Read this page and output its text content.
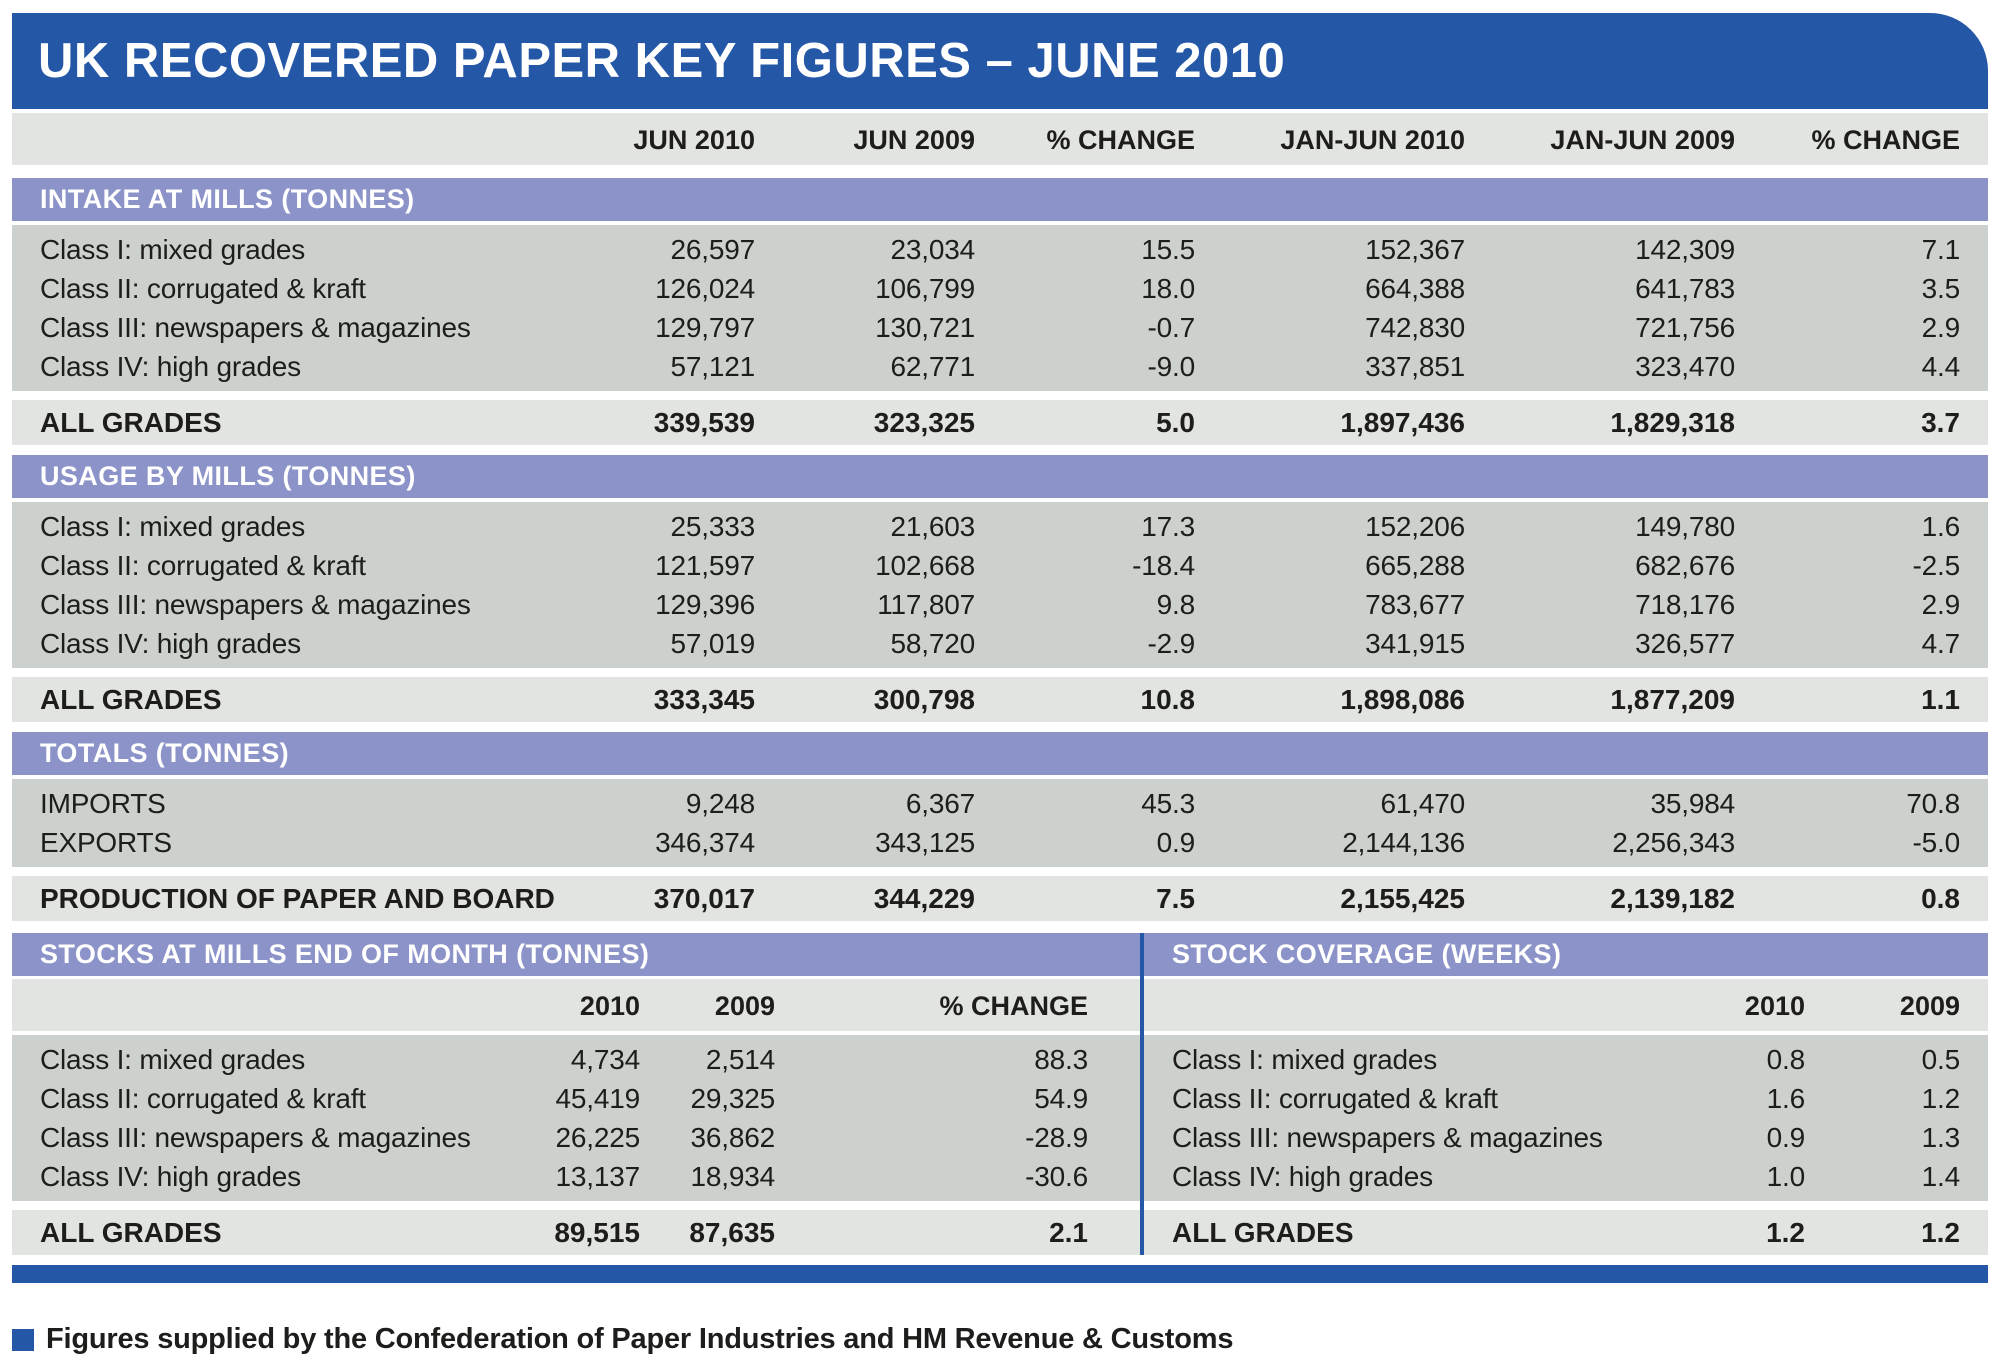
UK RECOVERED PAPER KEY FIGURES – JUNE 2010
JUN 2010	JUN 2009	% CHANGE	JAN-JUN 2010	JAN-JUN 2009	% CHANGE
INTAKE AT MILLS (TONNES)
Class I: mixed grades	26,597	23,034	15.5	152,367	142,309	7.1
Class II: corrugated & kraft	126,024	106,799	18.0	664,388	641,783	3.5
Class III: newspapers & magazines	129,797	130,721	-0.7	742,830	721,756	2.9
Class IV: high grades	57,121	62,771	-9.0	337,851	323,470	4.4
ALL GRADES	339,539	323,325	5.0	1,897,436	1,829,318	3.7
USAGE BY MILLS (TONNES)
Class I: mixed grades	25,333	21,603	17.3	152,206	149,780	1.6
Class II: corrugated & kraft	121,597	102,668	-18.4	665,288	682,676	-2.5
Class III: newspapers & magazines	129,396	117,807	9.8	783,677	718,176	2.9
Class IV: high grades	57,019	58,720	-2.9	341,915	326,577	4.7
ALL GRADES	333,345	300,798	10.8	1,898,086	1,877,209	1.1
TOTALS (TONNES)
IMPORTS	9,248	6,367	45.3	61,470	35,984	70.8
EXPORTS	346,374	343,125	0.9	2,144,136	2,256,343	-5.0
PRODUCTION OF PAPER AND BOARD	370,017	344,229	7.5	2,155,425	2,139,182	0.8
STOCKS AT MILLS END OF MONTH (TONNES)
2010	2009	% CHANGE
Class I: mixed grades	4,734	2,514	88.3
Class II: corrugated & kraft	45,419	29,325	54.9
Class III: newspapers & magazines	26,225	36,862	-28.9
Class IV: high grades	13,137	18,934	-30.6
ALL GRADES	89,515	87,635	2.1
STOCK COVERAGE (WEEKS)
2010	2009
Class I: mixed grades	0.8	0.5
Class II: corrugated & kraft	1.6	1.2
Class III: newspapers & magazines	0.9	1.3
Class IV: high grades	1.0	1.4
ALL GRADES	1.2	1.2
Figures supplied by the Confederation of Paper Industries and HM Revenue & Customs
